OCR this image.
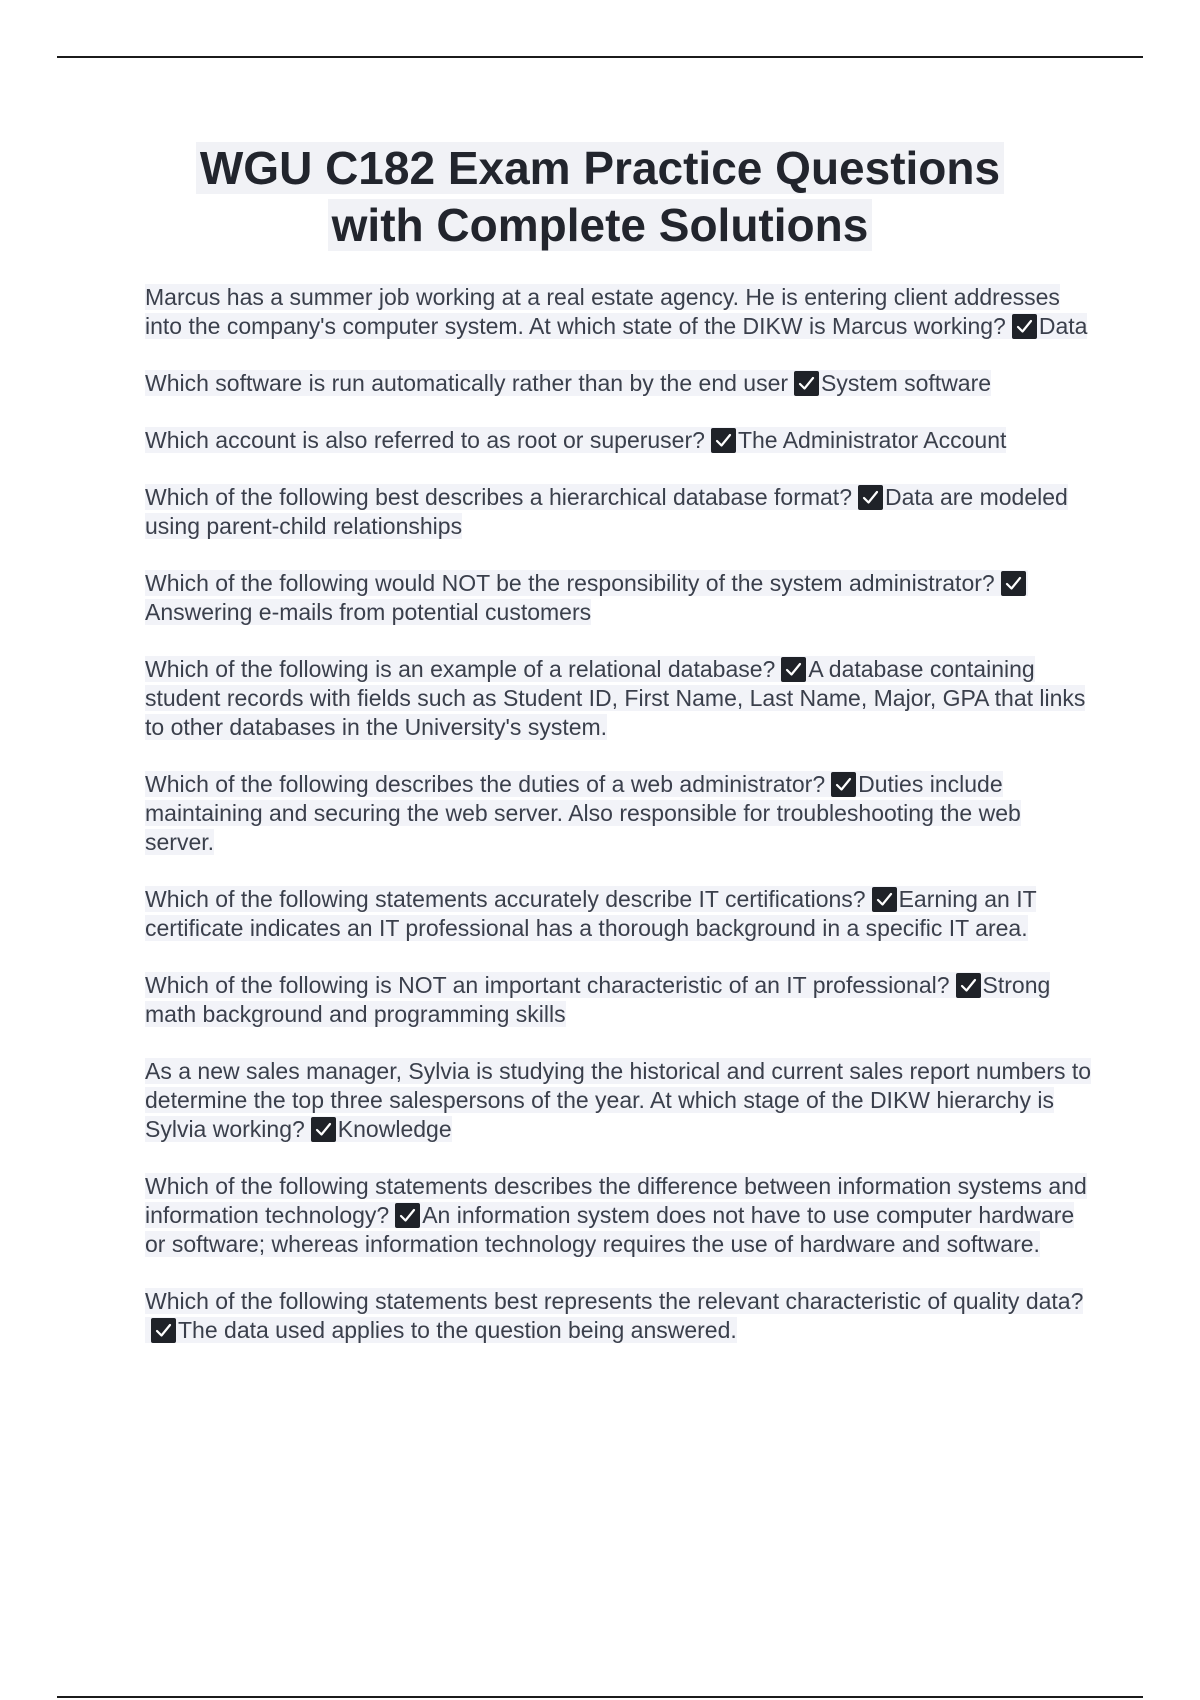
WGU C182 Exam Practice Questions
with Complete Solutions

Marcus has a summer job working at a real estate agency. He is entering client addresses into the company's computer system. At which state of the DIKW is Marcus working? Data

Which software is run automatically rather than by the end user System software

Which account is also referred to as root or superuser? The Administrator Account

Which of the following best describes a hierarchical database format? Data are modeled using parent-child relationships

Which of the following would NOT be the responsibility of the system administrator?
Answering e-mails from potential customers

Which of the following is an example of a relational database? A database containing student records with fields such as Student ID, First Name, Last Name, Major, GPA that links to other databases in the University's system.

Which of the following describes the duties of a web administrator? Duties include maintaining and securing the web server. Also responsible for troubleshooting the web server.

Which of the following statements accurately describe IT certifications? Earning an IT certificate indicates an IT professional has a thorough background in a specific IT area.

Which of the following is NOT an important characteristic of an IT professional? Strong math background and programming skills

As a new sales manager, Sylvia is studying the historical and current sales report numbers to determine the top three salespersons of the year. At which stage of the DIKW hierarchy is Sylvia working? Knowledge

Which of the following statements describes the difference between information systems and information technology? An information system does not have to use computer hardware or software; whereas information technology requires the use of hardware and software.

Which of the following statements best represents the relevant characteristic of quality data?
The data used applies to the question being answered.
